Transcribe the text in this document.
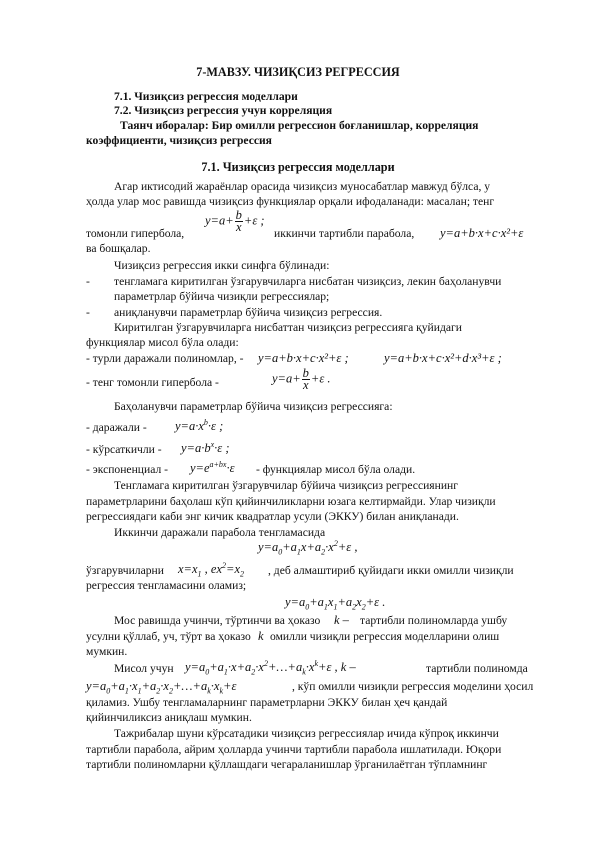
7-МАВЗУ. ЧИЗИҚСИЗ РЕГРЕССИЯ
7.1. Чизиқсиз регрессия моделлари
7.2. Чизиқсиз регрессия учун корреляция
Таянч иборалар: Бир омилли регрессион боғланишлар, корреляция
коэффициенти, чизиқсиз регрессия
7.1. Чизиқсиз регрессия моделлари
Агар иктисодий жараёнлар орасида чизиқсиз муносабатлар мавжуд бўлса, у
ҳолда улар мос равишда чизиқсиз функциялар орқали ифодаланади: масалан; тенг
$y=a+ \frac{b}{x} +\varepsilon$ ;
томонли гипербола,	иккинчи тартибли парабола, y=a+b·x+c·x²+ε
ва бошқалар.
Чизиқсиз регрессия икки синфга бўлинади:
- тенгламага киритилган ўзгарувчиларга нисбатан чизиқсиз, лекин баҳоланувчи
параметрлар бўйича чизиқли регрессиялар;
- аниқланувчи параметрлар бўйича чизиқсиз регрессия.
Киритилган ўзгарувчиларга нисбаттан чизиқсиз регрессияга қуйидаги
функциялар мисол бўла олади:
- турли даражали полиномлар, - y=a+b·x+c·x²+ε ;	y=a+b·x+c·x²+d·x³+ε ;
- тенг томонли гипербола -	$y=a+ \frac{b}{x} +\varepsilon$ .
Баҳоланувчи параметрлар бўйича чизиқсиз регрессияга:
- даражали - $y=a\cdot x^b\cdot\varepsilon$ ;
- кўрсаткичли - $y=a\cdot b^x\cdot\varepsilon$ ;
- экспоненциал - $y=e^{a+bx}\cdot\varepsilon$ - функциялар мисол бўла олади.
Тенгламага киритилган ўзгарувчилар бўйича чизиқсиз регрессиянинг
параметрларини баҳолаш кўп қийинчиликларни юзага келтирмайди. Улар чизиқли
регрессиядаги каби энг кичик квадратлар усули (ЭККУ) билан аниқланади.
Иккинчи даражали парабола тенгламасида
$y=a_0+a_1x+a_2\cdot x^2+\varepsilon$ ,
ўзгарувчиларни $x=x_1$ , $ex^2=x_2$ , деб алмаштириб қуйидаги икки омилли чизиқли
регрессия тенгламасини оламиз;
$y=a_0+a_1x_1+a_2x_2+\varepsilon$ .
Мос равишда учинчи, тўртинчи ва ҳоказо k – тартибли полиномларда ушбу
усулни қўллаб, уч, тўрт ва ҳоказо k омилли чизиқли регрессия моделларини олиш
мумкин.
Мисол учун $y=a_0+a_1\cdot x+a_2\cdot x^2+\dots+a_k\cdot x^k+\varepsilon$ , k –	тартибли полиномда
$y=a_0+a_1\cdot x_1+a_2\cdot x_2+\dots+a_k\cdot x_k+\varepsilon$	, кўп омилли чизиқли регрессия моделини ҳосил
қиламиз. Ушбу тенгламаларнинг параметрларни ЭККУ билан ҳеч қандай
қийинчиликсиз аниқлаш мумкин.
Тажрибалар шуни кўрсатадики чизиқсиз регрессиялар ичида кўпроқ иккинчи
тартибли парабола, айрим ҳолларда учинчи тартибли парабола ишлатилади. Юқори
тартибли полиномларни қўллашдаги чегараланишлар ўрганилаётган тўпламнинг
